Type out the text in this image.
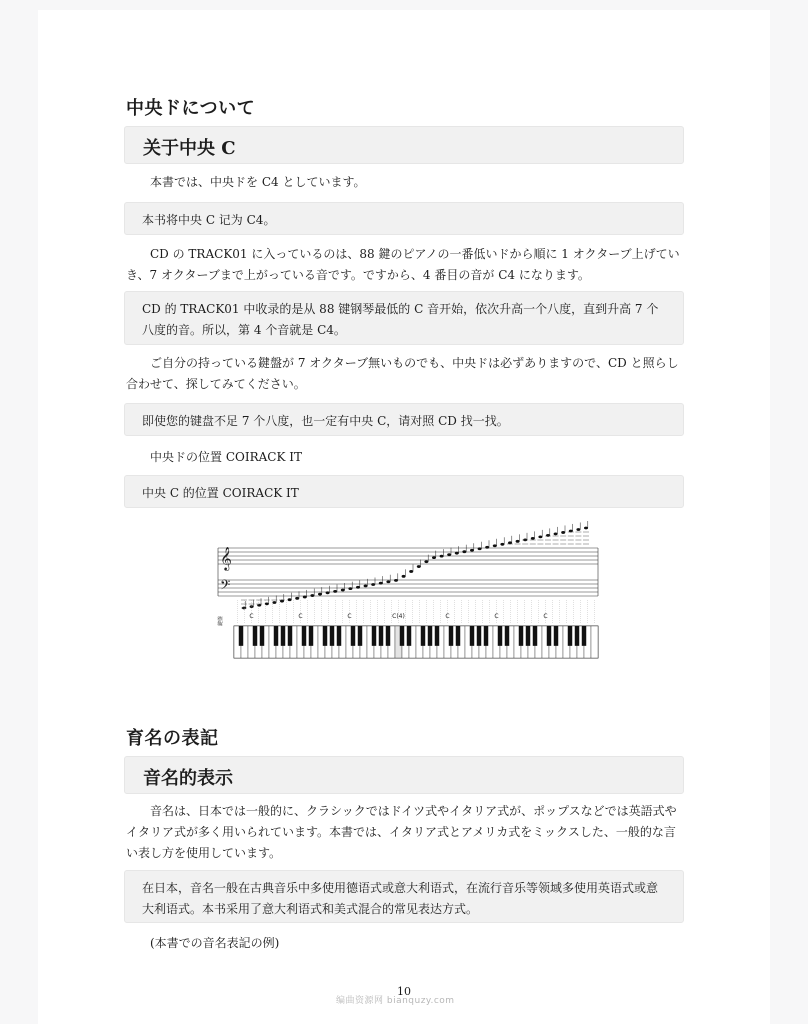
中央ドについて
关于中央 C
本書では、中央ドを C4 としています。
本书将中央 C 记为 C4。
CD の TRACK01 に入っているのは、88 鍵のピアノの一番低いドから順に 1 オクターブ上げていき、7 オクターブまで上がっている音です。ですから、4 番目の音が C4 になります。
CD 的 TRACK01 中收录的是从 88 键钢琴最低的 C 音开始，依次升高一个八度，直到升高 7 个八度的音。所以，第 4 个音就是 C4。
ご自分の持っている鍵盤が 7 オクターブ無いものでも、中央ドは必ずありますので、CD と照らし合わせて、探してみてください。
即使您的键盘不足 7 个八度，也一定有中央 C，请对照 CD 找一找。
中央ドの位置 COIRACK IT
中央 C 的位置 COIRACK IT
𝄞
𝄢
鍵盤	C	C	C	C(4)	C	C	C
育名の表記
音名的表示
音名は、日本では一般的に、クラシックではドイツ式やイタリア式が、ポップスなどでは英語式やイタリア式が多く用いられています。本書では、イタリア式とアメリカ式をミックスした、一般的な言い表し方を使用しています。
在日本，音名一般在古典音乐中多使用德语式或意大利语式，在流行音乐等领域多使用英语式或意大利语式。本书采用了意大利语式和美式混合的常见表达方式。
(本書での音名表記の例)
10
编曲资源网 bianquzy.com
